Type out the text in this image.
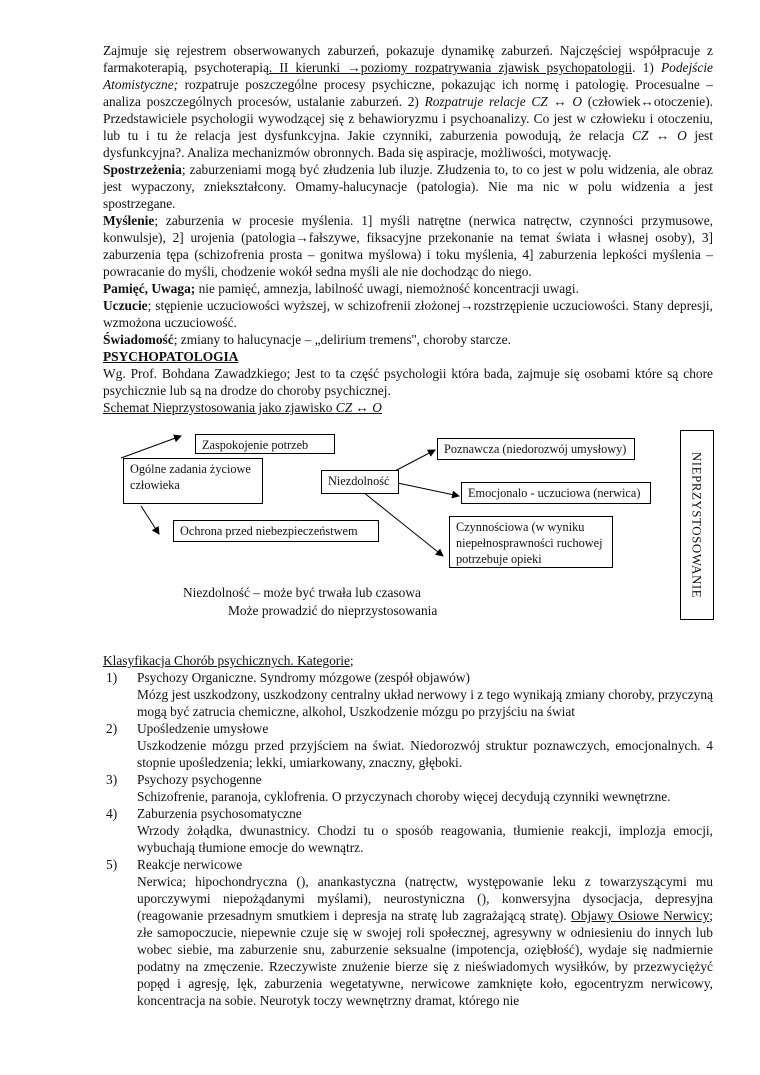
Zajmuje się rejestrem obserwowanych zaburzeń, pokazuje dynamikę zaburzeń. Najczęściej współpracuje z farmakoterapią, psychoterapią. II kierunki →poziomy rozpatrywania zjawisk psychopatologii. 1) Podejście Atomistyczne; rozpatruje poszczególne procesy psychiczne, pokazując ich normę i patologię. Procesualne – analiza poszczególnych procesów, ustalanie zaburzeń. 2) Rozpatruje relacje CZ ↔ O (człowiek↔otoczenie). Przedstawiciele psychologii wywodzącej się z behawioryzmu i psychoanalizy. Co jest w człowieku i otoczeniu, lub tu i tu że relacja jest dysfunkcyjna. Jakie czynniki, zaburzenia powodują, że relacja CZ ↔ O jest dysfunkcyjna?. Analiza mechanizmów obronnych. Bada się aspiracje, możliwości, motywację.

Spostrzeżenia; zaburzeniami mogą być złudzenia lub iluzje. Złudzenia to, to co jest w polu widzenia, ale obraz jest wypaczony, zniekształcony. Omamy-halucynacje (patologia). Nie ma nic w polu widzenia a jest spostrzegane.

Myślenie; zaburzenia w procesie myślenia. 1] myśli natrętne (nerwica natręctw, czynności przymusowe, konwulsje), 2] urojenia (patologia→fałszywe, fiksacyjne przekonanie na temat świata i własnej osoby), 3] zaburzenia tępa (schizofrenia prosta – gonitwa myślowa) i toku myślenia, 4] zaburzenia lepkości myślenia – powracanie do myśli, chodzenie wokół sedna myśli ale nie dochodząc do niego.

Pamięć, Uwaga; nie pamięć, amnezja, labilność uwagi, niemożność koncentracji uwagi.

Uczucie; stępienie uczuciowości wyższej, w schizofrenii złożonej→rozstrzępienie uczuciowości. Stany depresji, wzmożona uczuciowość.

Świadomość; zmiany to halucynacje – „delirium tremens'', choroby starcze.

PSYCHOPATOLOGIA

Wg. Prof. Bohdana Zawadzkiego; Jest to ta część psychologii która bada, zajmuje się osobami które są chore psychicznie lub są na drodze do choroby psychicznej.

Schemat Nieprzystosowania jako zjawisko CZ ↔ O

Zaspokojenie potrzeb
Ogólne zadania życiowe człowieka
Ochrona przed niebezpieczeństwem
Niezdolność
Poznawcza (niedorozwój umysłowy)
Emocjonalo - uczuciowa (nerwica)
Czynnościowa (w wyniku niepełnosprawności ruchowej potrzebuje opieki	NIEPRZYSTOSOWANIE
Niezdolność – może być trwała lub czasowa
Może prowadzić do nieprzystosowania

Klasyfikacja Chorób psychicznych. Kategorie;

1) Psychozy Organiczne. Syndromy mózgowe (zespół objawów)

Mózg jest uszkodzony, uszkodzony centralny układ nerwowy i z tego wynikają zmiany choroby, przyczyną mogą być zatrucia chemiczne, alkohol, Uszkodzenie mózgu po przyjściu na świat

2) Upośledzenie umysłowe

Uszkodzenie mózgu przed przyjściem na świat. Niedorozwój struktur poznawczych, emocjonalnych. 4 stopnie upośledzenia; lekki, umiarkowany, znaczny, głęboki.

3) Psychozy psychogenne

Schizofrenie, paranoja, cyklofrenia. O przyczynach choroby więcej decydują czynniki wewnętrzne.

4) Zaburzenia psychosomatyczne

Wrzody żołądka, dwunastnicy. Chodzi tu o sposób reagowania, tłumienie reakcji, implozja emocji, wybuchają tłumione emocje do wewnątrz.

5) Reakcje nerwicowe

Nerwica; hipochondryczna (), anankastyczna (natręctw, występowanie leku z towarzyszącymi mu uporczywymi niepożądanymi myślami), neurostyniczna (), konwersyjna dysocjacja, depresyjna (reagowanie przesadnym smutkiem i depresja na stratę lub zagrażającą stratę). Objawy Osiowe Nerwicy; złe samopoczucie, niepewnie czuje się w swojej roli społecznej, agresywny w odniesieniu do innych lub wobec siebie, ma zaburzenie snu, zaburzenie seksualne (impotencja, oziębłość), wydaje się nadmiernie podatny na zmęczenie. Rzeczywiste znużenie bierze się z nieświadomych wysiłków, by przezwyciężyć popęd i agresję, lęk, zaburzenia wegetatywne, nerwicowe zamknięte koło, egocentryzm nerwicowy, koncentracja na sobie. Neurotyk toczy wewnętrzny dramat, którego nie
